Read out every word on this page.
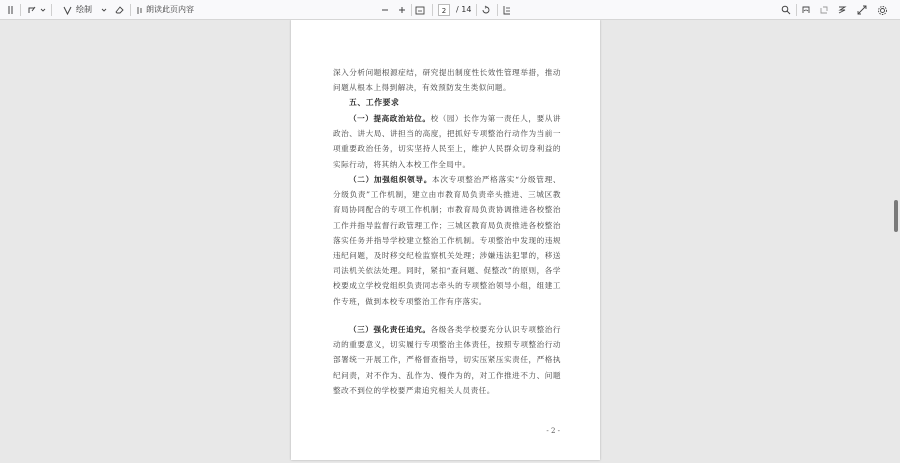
绘制	朗读此页内容	2	/ 14
深入分析问题根源症结，研究提出制度性长效性管理举措，推动问题从根本上得到解决，有效预防发生类似问题。
五、工作要求
（一）提高政治站位。校（园）长作为第一责任人，要从讲政治、讲大局、讲担当的高度，把抓好专项整治行动作为当前一项重要政治任务，切实坚持人民至上，维护人民群众切身利益的实际行动，将其纳入本校工作全局中。
（二）加强组织领导。本次专项整治严格落实“分级管理、分级负责”工作机制，建立由市教育局负责牵头推进、三城区教育局协同配合的专项工作机制；市教育局负责协调推进各校整治工作并指导监督行政管理工作；三城区教育局负责推进各校整治落实任务并指导学校建立整治工作机制。专项整治中发现的违规违纪问题，及时移交纪检监察机关处理；涉嫌违法犯罪的，移送司法机关依法处理。同时，紧扣“查问题、促整改”的原则，各学校要成立学校党组织负责同志牵头的专项整治领导小组，组建工作专班，做到本校专项整治工作有序落实。
（三）强化责任追究。各级各类学校要充分认识专项整治行动的重要意义，切实履行专项整治主体责任，按照专项整治行动部署统一开展工作，严格督查指导，切实压紧压实责任，严格执纪问责，对不作为、乱作为、慢作为的，对工作推进不力、问题整改不到位的学校要严肃追究相关人员责任。
- 2 -
